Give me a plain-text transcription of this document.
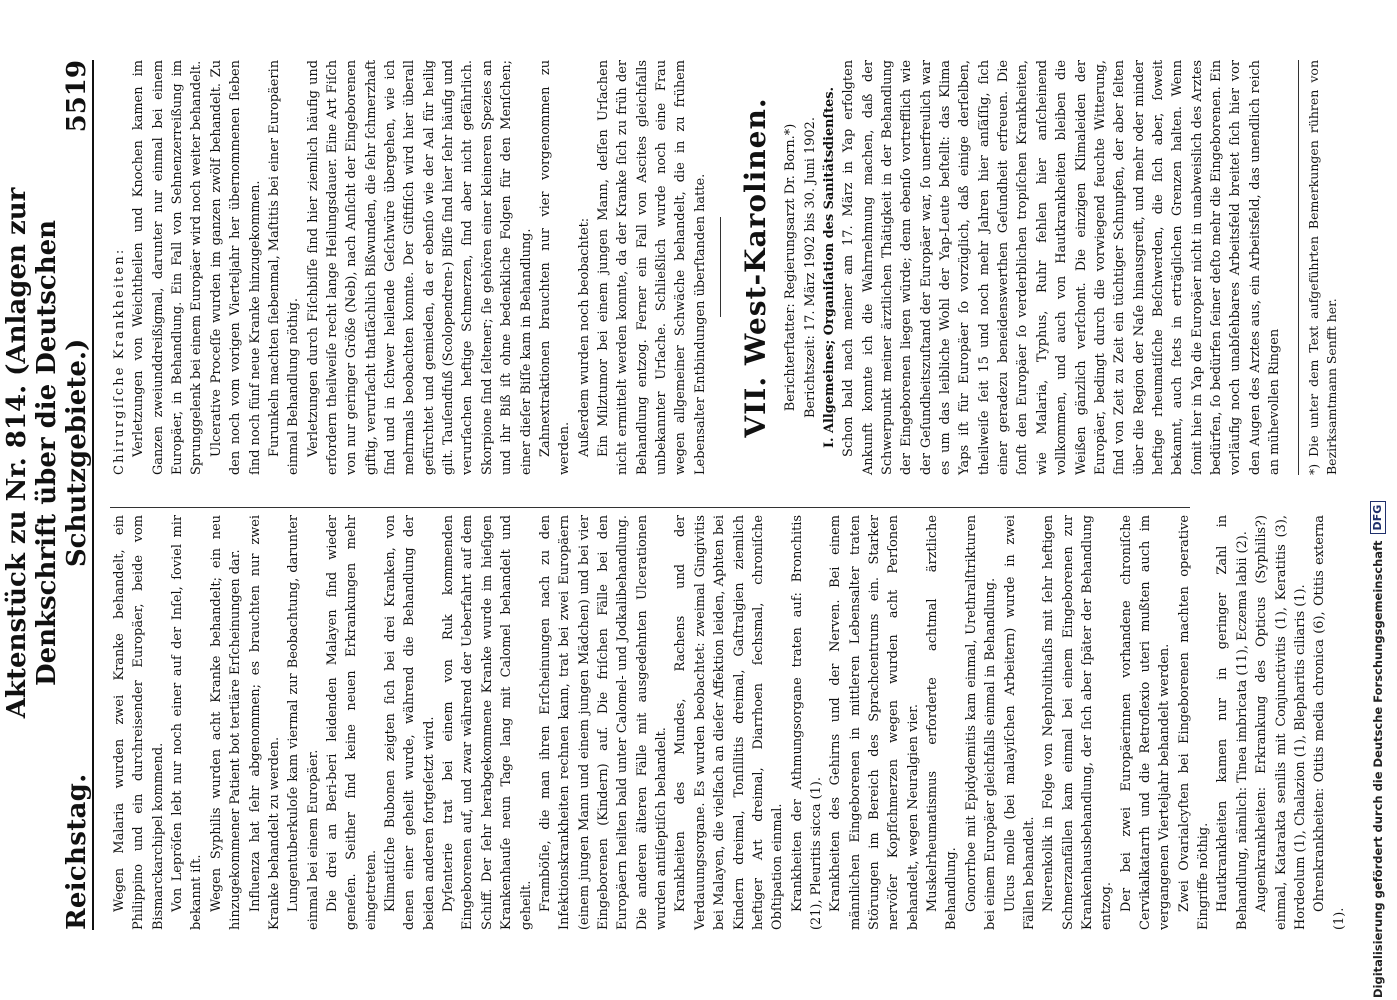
Reichstag.
Aktenstück zu Nr. 814. (Anlagen zur Denkschrift über die Deutschen Schutzgebiete.)
5519

Wegen Malaria wurden zwei Kranke behandelt, ein Philippino und ein durchreisender Europäer, beide vom Bismarckarchipel kommend. Von Lepröſen lebt nur noch einer auf der Inſel, ſoviel mir bekannt iſt. Wegen Syphilis wurden acht Kranke behandelt; ein neu hinzugekommener Patient bot tertiäre Erſcheinungen dar. Influenza hat ſehr abgenommen; es brauchten nur zwei Kranke behandelt zu werden. Lungentuberkuloſe kam viermal zur Beobachtung, darunter einmal bei einem Europäer. Die drei an Beri-beri leidenden Malayen ſind wieder geneſen. Seither ſind keine neuen Erkrankungen mehr eingetreten. Klimatiſche Bubonen zeigten ſich bei drei Kranken, von denen einer geheilt wurde, während die Behandlung der beiden anderen fortgeſetzt wird. Dyſenterie trat bei einem von Ruk kommenden Eingeborenen auf, und zwar während der Ueberfahrt auf dem Schiff. Der ſehr herabgekommene Kranke wurde im hieſigen Krankenhauſe neun Tage lang mit Calomel behandelt und geheilt. Framböſie, die man ihren Erſcheinungen nach zu den Infektionskrankheiten rechnen kann, trat bei zwei Europäern (einem jungen Mann und einem jungen Mädchen) und bei vier Eingeborenen (Kindern) auf. Die friſchen Fälle bei den Europäern heilten bald unter Calomel- und Jodkalibehandlung. Die anderen älteren Fälle mit ausgedehnten Ulcerationen wurden antiſeptiſch behandelt. Krankheiten des Mundes, Rachens und der Verdauungsorgane. Es wurden beobachtet: zweimal Gingivitis bei Malayen, die vielfach an dieſer Affektion leiden, Aphten bei Kindern dreimal, Tonſillitis dreimal, Gaſtralgien ziemlich heftiger Art dreimal, Diarrhoen ſechsmal, chroniſche Obſtipation einmal. Krankheiten der Athmungsorgane traten auf: Bronchitis (21), Pleuritis sicca (1). Krankheiten des Gehirns und der Nerven. Bei einem männlichen Eingeborenen in mittleren Lebensalter traten Störungen im Bereich des Sprachcentrums ein. Starker nervöſer Kopfſchmerzen wegen wurden acht Perſonen behandelt, wegen Neuralgien vier. Muskelrheumatismus erforderte achtmal ärztliche Behandlung. Gonorrhoe mit Epidydemitis kam einmal, Urethralſtrikturen bei einem Europäer gleichfalls einmal in Behandlung. Ulcus molle (bei malayiſchen Arbeitern) wurde in zwei Fällen behandelt. Nierenkolik in Folge von Nephrolithiaſis mit ſehr heftigen Schmerzanfällen kam einmal bei einem Eingeborenen zur Krankenhausbehandlung, der ſich aber ſpäter der Behandlung entzog. Der bei zwei Europäerinnen vorhandene chroniſche Cervikalkatarrh und die Retroflexio uteri mußten auch im vergangenen Vierteljahr behandelt werden. Zwei Ovarialcyſten bei Eingeborenen machten operative Eingriffe nöthig. Hautkrankheiten kamen nur in geringer Zahl in Behandlung, nämlich: Tinea imbricata (11), Eczema labii (2). Augenkrankheiten: Erkrankung des Opticus (Syphilis?) einmal, Katarakta senilis mit Conjunctivitis (1), Keratitis (3), Hordeolum (1), Chalazion (1), Blepharitis ciliaris (1). Ohrenkrankheiten: Otitis media chronica (6), Otitis externa (1).

Chirurgiſche Krankheiten: Verletzungen von Weichtheilen und Knochen kamen im Ganzen zweiunddreißigmal, darunter nur einmal bei einem Europäer, in Behandlung. Ein Fall von Sehnenzerreißung im Sprunggelenk bei einem Europäer wird noch weiter behandelt. Ulcerative Proceſſe wurden im ganzen zwölf behandelt. Zu den noch vom vorigen Vierteljahr her übernommenen ſieben ſind noch fünf neue Kranke hinzugekommen. Furunkeln machten ſiebenmal, Maſtitis bei einer Europäerin einmal Behandlung nöthig. Verletzungen durch Fiſchbiſſe ſind hier ziemlich häufig und erfordern theilweiſe recht lange Heilungsdauer. Eine Art Fiſch von nur geringer Größe (Neb), nach Anſicht der Eingeborenen giftig, verurſacht thatſächlich Bißwunden, die ſehr ſchmerzhaft ſind und in ſchwer heilende Geſchwüre übergehen, wie ich mehrmals beobachten konnte. Der Giftfiſch wird hier überall gefürchtet und gemieden, da er ebenſo wie der Aal für heilig gilt. Tauſendfuß (Scolopendren-) Biſſe ſind hier ſehr häufig und verurſachen heftige Schmerzen, ſind aber nicht gefährlich. Skorpione ſind ſeltener; ſie gehören einer kleineren Spezies an und ihr Biß iſt ohne bedenkliche Folgen für den Menſchen; einer dieſer Biſſe kam in Behandlung. Zahnextraktionen brauchten nur vier vorgenommen zu werden. Außerdem wurden noch beobachtet: Ein Milztumor bei einem jungen Mann, deſſen Urſachen nicht ermittelt werden konnte, da der Kranke ſich zu früh der Behandlung entzog. Ferner ein Fall von Ascites gleichfalls unbekannter Urſache. Schließlich wurde noch eine Frau wegen allgemeiner Schwäche behandelt, die in zu frühem Lebensalter Entbindungen überſtanden hatte. VII. West-Karolinen. Berichterſtatter: Regierungsarzt Dr. Born.*) Berichtszeit: 17. März 1902 bis 30. Juni 1902. I. Allgemeines; Organiſation des Sanitätsdienſtes. Schon bald nach meiner am 17. März in Yap erfolgten Ankunft konnte ich die Wahrnehmung machen, daß der Schwerpunkt meiner ärztlichen Thätigkeit in der Behandlung der Eingeborenen liegen würde; denn ebenſo vortrefflich wie der Geſundheitszuſtand der Europäer war, ſo unerfreulich war es um das leibliche Wohl der Yap-Leute beſtellt: das Klima Yaps iſt für Europäer ſo vorzüglich, daß einige derſelben, theilweiſe ſeit 15 und noch mehr Jahren hier anſäſſig, ſich einer geradezu beneidenswerthen Geſundheit erfreuen. Die ſonſt den Europäer ſo verderblichen tropiſchen Krankheiten, wie Malaria, Typhus, Ruhr fehlen hier anſcheinend vollkommen, und auch von Hautkrankheiten bleiben die Weißen gänzlich verſchont. Die einzigen Klimaleiden der Europäer, bedingt durch die vorwiegend feuchte Witterung, ſind von Zeit zu Zeit ein tüchtiger Schnupfen, der aber ſelten über die Region der Naſe hinausgreift, und mehr oder minder heftige rheumatiſche Beſchwerden, die ſich aber, ſoweit bekannt, auch ſtets in erträglichen Grenzen halten. Wenn ſomit hier in Yap die Europäer nicht in unabweislich des Arztes bedürfen, ſo bedürfen ſeiner deſto mehr die Eingeborenen. Ein vorläufig noch unabſehbares Arbeitsfeld breitet ſich hier vor den Augen des Arztes aus, ein Arbeitsfeld, das unendlich reich an mühevollen Ringen	*) Die unter dem Text aufgeführten Bemerkungen rühren von Bezirksamtmann Senfft her.

Digitalisierung gefördert durch die Deutsche Forschungsgemeinschaft
DFG
